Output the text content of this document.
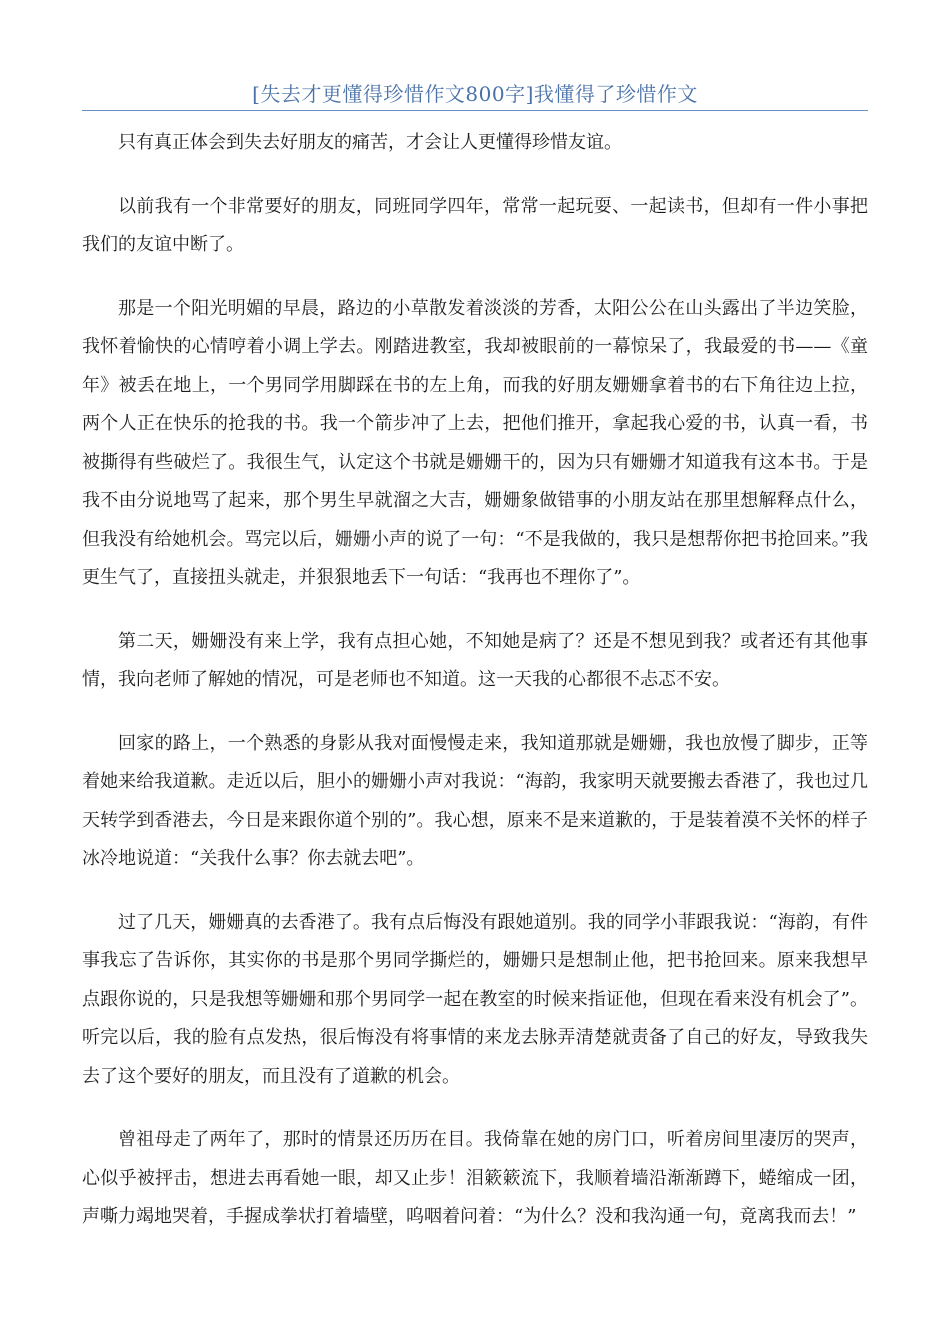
[失去才更懂得珍惜作文800字]我懂得了珍惜作文

只有真正体会到失去好朋友的痛苦，才会让人更懂得珍惜友谊。

以前我有一个非常要好的朋友，同班同学四年，常常一起玩耍、一起读书，但却有一件小事把我们的友谊中断了。

那是一个阳光明媚的早晨，路边的小草散发着淡淡的芳香，太阳公公在山头露出了半边笑脸，我怀着愉快的心情哼着小调上学去。刚踏进教室，我却被眼前的一幕惊呆了，我最爱的书——《童年》被丢在地上，一个男同学用脚踩在书的左上角，而我的好朋友姗姗拿着书的右下角往边上拉，两个人正在快乐的抢我的书。我一个箭步冲了上去，把他们推开，拿起我心爱的书，认真一看，书被撕得有些破烂了。我很生气，认定这个书就是姗姗干的，因为只有姗姗才知道我有这本书。于是我不由分说地骂了起来，那个男生早就溜之大吉，姗姗象做错事的小朋友站在那里想解释点什么，但我没有给她机会。骂完以后，姗姗小声的说了一句：“不是我做的，我只是想帮你把书抢回来。”我更生气了，直接扭头就走，并狠狠地丢下一句话：“我再也不理你了”。

第二天，姗姗没有来上学，我有点担心她，不知她是病了？还是不想见到我？或者还有其他事情，我向老师了解她的情况，可是老师也不知道。这一天我的心都很不忐忑不安。

回家的路上，一个熟悉的身影从我对面慢慢走来，我知道那就是姗姗，我也放慢了脚步，正等着她来给我道歉。走近以后，胆小的姗姗小声对我说：“海韵，我家明天就要搬去香港了，我也过几天转学到香港去，今日是来跟你道个别的”。我心想，原来不是来道歉的，于是装着漠不关怀的样子冰冷地说道：“关我什么事？你去就去吧”。

过了几天，姗姗真的去香港了。我有点后悔没有跟她道别。我的同学小菲跟我说：“海韵，有件事我忘了告诉你，其实你的书是那个男同学撕烂的，姗姗只是想制止他，把书抢回来。原来我想早点跟你说的，只是我想等姗姗和那个男同学一起在教室的时候来指证他，但现在看来没有机会了”。听完以后，我的脸有点发热，很后悔没有将事情的来龙去脉弄清楚就责备了自己的好友，导致我失去了这个要好的朋友，而且没有了道歉的机会。

曾祖母走了两年了，那时的情景还历历在目。我倚靠在她的房门口，听着房间里凄厉的哭声，心似乎被抨击，想进去再看她一眼，却又止步！泪簌簌流下，我顺着墙沿渐渐蹲下，蜷缩成一团，声嘶力竭地哭着，手握成拳状打着墙壁，呜咽着问着：“为什么？没和我沟通一句，竟离我而去！”
